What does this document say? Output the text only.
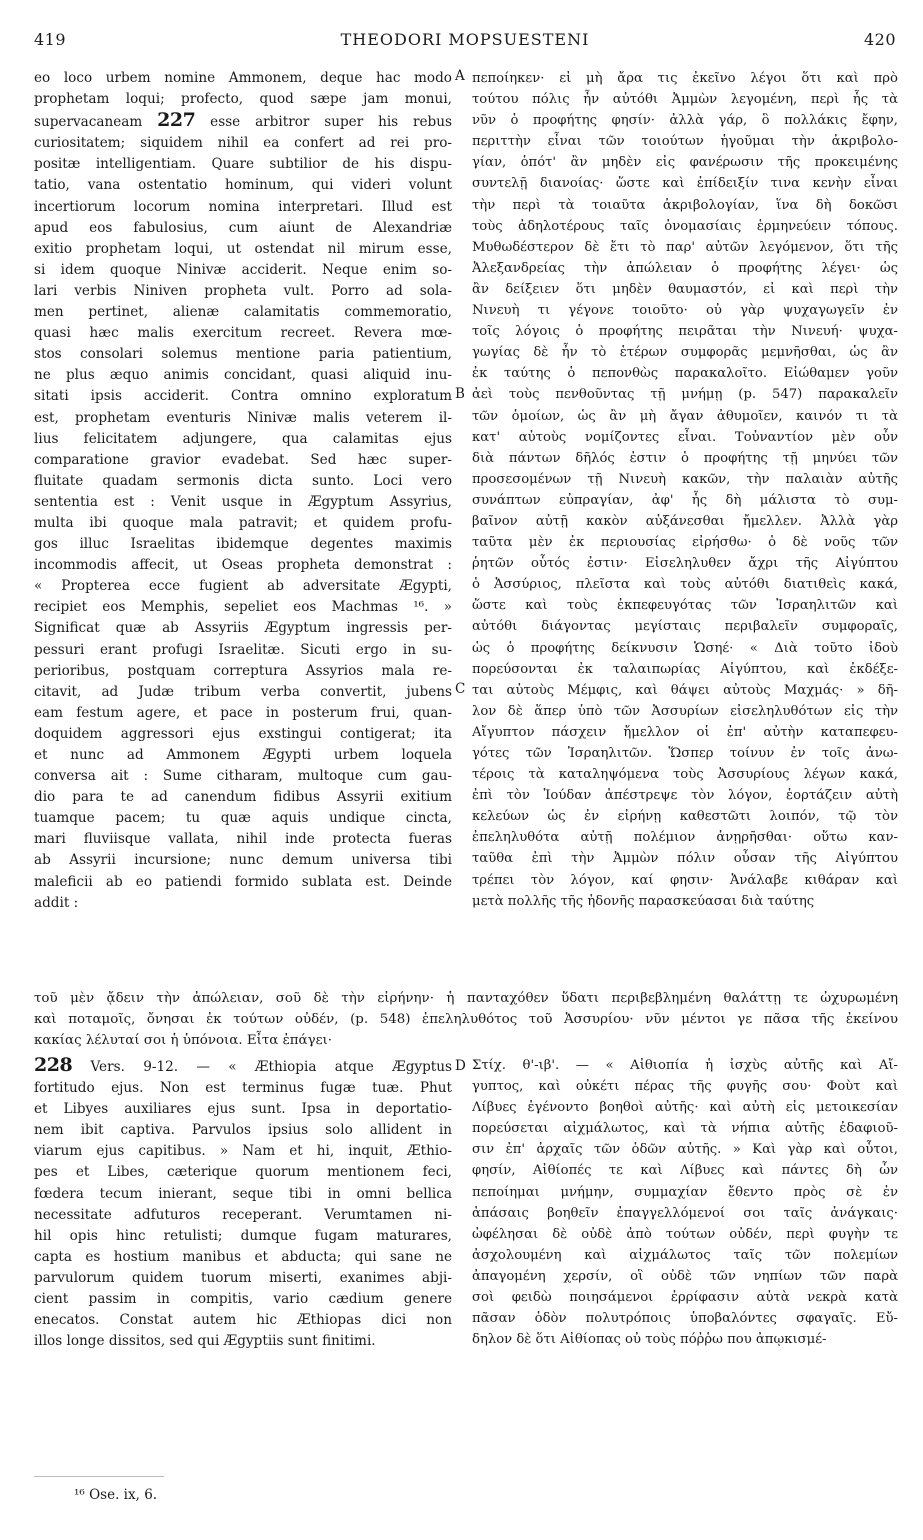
419	THEODORI MOPSUESTENI	420
eo loco urbem nomine Ammonem, deque hac modo
prophetam loqui; profecto, quod sæpe jam monui,
supervacaneam 227 esse arbitror super his rebus
curiositatem; siquidem nihil ea confert ad rei pro-
positæ intelligentiam. Quare subtilior de his dispu-
tatio, vana ostentatio hominum, qui videri volunt
incertiorum locorum nomina interpretari. Illud est
apud eos fabulosius, cum aiunt de Alexandriæ
exitio prophetam loqui, ut ostendat nil mirum esse,
si idem quoque Ninivæ acciderit. Neque enim so-
lari verbis Niniven propheta vult. Porro ad sola-
men pertinet, alienæ calamitatis commemoratio,
quasi hæc malis exercitum recreet. Revera mœ-
stos consolari solemus mentione paria patientium,
ne plus æquo animis concidant, quasi aliquid inu-
sitati ipsis acciderit. Contra omnino exploratum
est, prophetam eventuris Ninivæ malis veterem il-
lius felicitatem adjungere, qua calamitas ejus
comparatione gravior evadebat. Sed hæc super-
fluitate quadam sermonis dicta sunto. Loci vero
sententia est : Venit usque in Ægyptum Assyrius,
multa ibi quoque mala patravit; et quidem profu-
gos illuc Israelitas ibidemque degentes maximis
incommodis affecit, ut Oseas propheta demonstrat :
« Propterea ecce fugient ab adversitate Ægypti,
recipiet eos Memphis, sepeliet eos Machmas ¹⁶. »
Significat quæ ab Assyriis Ægyptum ingressis per-
pessuri erant profugi Israelitæ. Sicuti ergo in su-
perioribus, postquam correptura Assyrios mala re-
citavit, ad Judæ tribum verba convertit, jubens
eam festum agere, et pace in posterum frui, quan-
doquidem aggressori ejus exstingui contigerat; ita
et nunc ad Ammonem Ægypti urbem loquela
conversa ait : Sume citharam, multoque cum gau-
dio para te ad canendum fidibus Assyrii exitium
tuamque pacem; tu quæ aquis undique cincta,
mari fluviisque vallata, nihil inde protecta fueras
ab Assyrii incursione; nunc demum universa tibi
maleficii ab eo patiendi formido sublata est. Deinde
addit :
πεποίηκεν· εἰ μὴ ἄρα τις ἐκεῖνο λέγοι ὅτι καὶ πρὸ
τούτου πόλις ἦν αὐτόθι Ἀμμὼν λεγομένη, περὶ ἧς τὰ
νῦν ὁ προφήτης φησίν· ἀλλὰ γάρ, ὃ πολλάκις ἔφην,
περιττὴν εἶναι τῶν τοιούτων ἡγοῦμαι τὴν ἀκριβολο-
γίαν, ὁπότ' ἂν μηδὲν εἰς φανέρωσιν τῆς προκειμένης
συντελῇ διανοίας· ὥστε καὶ ἐπίδειξίν τινα κενὴν εἶναι
τὴν περὶ τὰ τοιαῦτα ἀκριβολογίαν, ἵνα δὴ δοκῶσι
τοὺς ἀδηλοτέρους ταῖς ὀνομασίαις ἑρμηνεύειν τόπους.
Μυθωδέστερον δὲ ἔτι τὸ παρ' αὐτῶν λεγόμενον, ὅτι τῆς
Ἀλεξανδρείας τὴν ἀπώλειαν ὁ προφήτης λέγει· ὡς
ἂν δείξειεν ὅτι μηδὲν θαυμαστόν, εἰ καὶ περὶ τὴν
Νινευὴ τι γέγονε τοιοῦτο· οὐ γὰρ ψυχαγωγεῖν ἐν
τοῖς λόγοις ὁ προφήτης πειρᾶται τὴν Νινευή· ψυχα-
γωγίας δὲ ἦν τὸ ἑτέρων συμφορᾶς μεμνῆσθαι, ὡς ἂν
ἐκ ταύτης ὁ πεπονθὼς παρακαλοῖτο. Εἰώθαμεν γοῦν
ἀεὶ τοὺς πενθοῦντας τῇ μνήμῃ (p. 547) παρακαλεῖν
τῶν ὁμοίων, ὡς ἂν μὴ ἄγαν ἀθυμοῖεν, καινόν τι τὰ
κατ' αὐτοὺς νομίζοντες εἶναι. Τοὐναντίον μὲν οὖν
διὰ πάντων δῆλός ἐστιν ὁ προφήτης τῇ μηνύει τῶν
προσεσομένων τῇ Νινευὴ κακῶν, τὴν παλαιὰν αὐτῆς
συνάπτων εὐπραγίαν, ἀφ' ἧς δὴ μάλιστα τὸ συμ-
βαῖνον αὐτῇ κακὸν αὐξάνεσθαι ἤμελλεν. Ἀλλὰ γὰρ
ταῦτα μὲν ἐκ περιουσίας εἰρήσθω· ὁ δὲ νοῦς τῶν
ῥητῶν οὗτός ἐστιν· Εἰσεληλυθεν ἄχρι τῆς Αἰγύπτου
ὁ Ἀσσύριος, πλεῖστα καὶ τοὺς αὐτόθι διατιθεὶς κακά,
ὥστε καὶ τοὺς ἐκπεφευγότας τῶν Ἰσραηλιτῶν καὶ
αὐτόθι διάγοντας μεγίσταις περιβαλεῖν συμφοραῖς,
ὡς ὁ προφήτης δείκνυσιν Ὡσηέ· « Διὰ τοῦτο ἰδοὺ
πορεύσονται ἐκ ταλαιπωρίας Αἰγύπτου, καὶ ἐκδέξε-
ται αὐτοὺς Μέμφις, καὶ θάψει αὐτοὺς Μαχμάς· » δῆ-
λον δὲ ἅπερ ὑπὸ τῶν Ἀσσυρίων εἰσεληλυθότων εἰς τὴν
Αἴγυπτον πάσχειν ἤμελλον οἱ ἐπ' αὐτὴν καταπεφευ-
γότες τῶν Ἰσραηλιτῶν. Ὥσπερ τοίνυν ἐν τοῖς ἀνω-
τέροις τὰ καταληψόμενα τοὺς Ἀσσυρίους λέγων κακά,
ἐπὶ τὸν Ἰούδαν ἀπέστρεψε τὸν λόγον, ἑορτάζειν αὐτὴ
κελεύων ὡς ἐν εἰρήνῃ καθεστῶτι λοιπόν, τῷ τὸν
ἐπεληλυθότα αὐτῇ πολέμιον ἀνῃρῆσθαι· οὕτω καν-
ταῦθα ἐπὶ τὴν Ἀμμὼν πόλιν οὖσαν τῆς Αἰγύπτου
τρέπει τὸν λόγον, καί φησιν· Ἀνάλαβε κιθάραν καὶ
μετὰ πολλῆς τῆς ἡδονῆς παρασκεύασαι διὰ ταύτης
τοῦ μὲν ᾄδειν τὴν ἀπώλειαν, σοῦ δὲ τὴν εἰρήνην· ἡ πανταχόθεν ὕδατι περιβεβλημένη θαλάττῃ τε ὠχυρωμένη
καὶ ποταμοῖς, ὄνησαι ἐκ τούτων οὐδέν, (p. 548) ἐπεληλυθότος τοῦ Ἀσσυρίου· νῦν μέντοι γε πᾶσα τῆς ἐκείνου
κακίας λέλυταί σοι ἡ ὑπόνοια. Εἶτα ἐπάγει·
228 Vers. 9-12. — « Æthiopia atque Ægyptus
fortitudo ejus. Non est terminus fugæ tuæ. Phut
et Libyes auxiliares ejus sunt. Ipsa in deportatio-
nem ibit captiva. Parvulos ipsius solo allident in
viarum ejus capitibus. » Nam et hi, inquit, Æthio-
pes et Libes, cæterique quorum mentionem feci,
fœdera tecum inierant, seque tibi in omni bellica
necessitate adfuturos receperant. Verumtamen ni-
hil opis hinc retulisti; dumque fugam maturares,
capta es hostium manibus et abducta; qui sane ne
parvulorum quidem tuorum miserti, exanimes abji-
cient passim in compitis, vario cædium genere
enecatos. Constat autem hic Æthiopas dici non
illos longe dissitos, sed qui Ægyptiis sunt finitimi.
Στίχ. θ'-ιβ'. — « Αἰθιοπία ἡ ἰσχὺς αὐτῆς καὶ Αἴ-
γυπτος, καὶ οὐκέτι πέρας τῆς φυγῆς σου· Φοὺτ καὶ
Λίβυες ἐγένοντο βοηθοὶ αὐτῆς· καὶ αὐτὴ εἰς μετοικεσίαν
πορεύσεται αἰχμάλωτος, καὶ τὰ νήπια αὐτῆς ἐδαφιοῦ-
σιν ἐπ' ἀρχαῖς τῶν ὁδῶν αὐτῆς. » Καὶ γὰρ καὶ οὗτοι,
φησίν, Αἰθίοπές τε καὶ Λίβυες καὶ πάντες δὴ ὧν
πεποίημαι μνήμην, συμμαχίαν ἔθεντο πρὸς σὲ ἐν
ἁπάσαις βοηθεῖν ἐπαγγελλόμενοί σοι ταῖς ἀνάγκαις·
ὠφέλησαι δὲ οὐδὲ ἀπὸ τούτων οὐδέν, περὶ φυγὴν τε
ἀσχολουμένη καὶ αἰχμάλωτος ταῖς τῶν πολεμίων
ἀπαγομένη χερσίν, οἳ οὐδὲ τῶν νηπίων τῶν παρὰ
σοὶ φειδὼ ποιησάμενοι ἐρρίφασιν αὐτὰ νεκρὰ κατὰ
πᾶσαν ὁδὸν πολυτρόποις ὑποβαλόντες σφαγαῖς. Εὔ-
δηλον δὲ ὅτι Αἰθίοπας οὐ τοὺς πόῤῥω που ἀπῳκισμέ-
A
B
C
D
¹⁶ Ose. ix, 6.
